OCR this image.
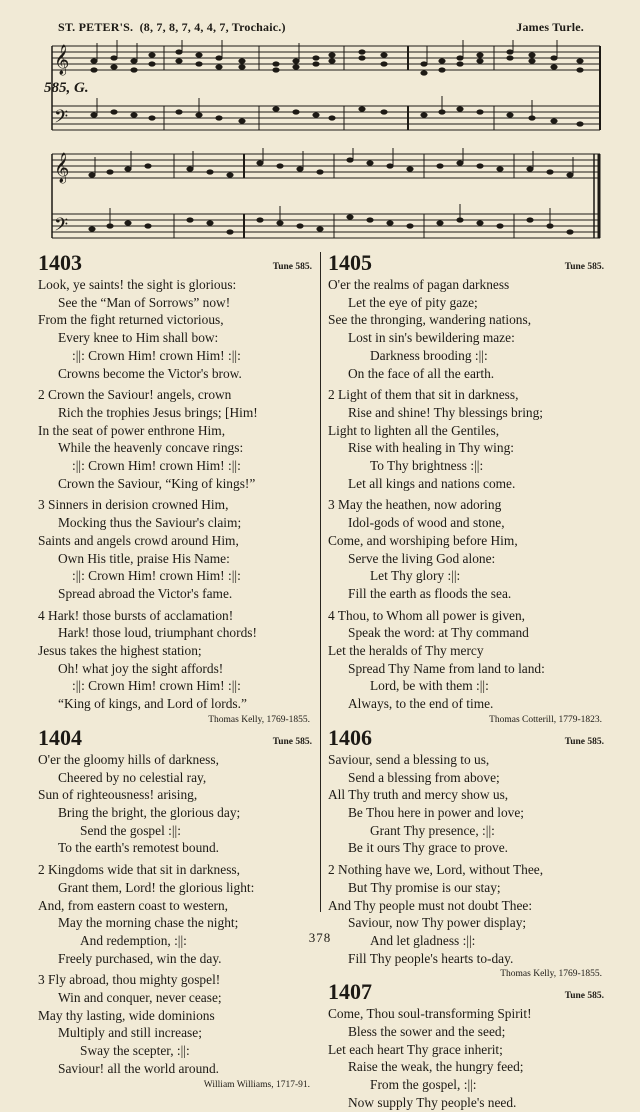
ST. PETER'S. (8, 7, 8, 7, 4, 4, 7, Trochaic.)	James Turle.
𝄞
𝄢
585, G.
𝄞
𝄢
1403	Tune 585.
Look, ye saints! the sight is glorious:
See the “Man of Sorrows” now!
From the fight returned victorious,
Every knee to Him shall bow:
:||: Crown Him! crown Him! :||:
Crowns become the Victor's brow.
2 Crown the Saviour! angels, crown
Rich the trophies Jesus brings; [Him!
In the seat of power enthrone Him,
While the heavenly concave rings:
:||: Crown Him! crown Him! :||:
Crown the Saviour, “King of kings!”
3 Sinners in derision crowned Him,
Mocking thus the Saviour's claim;
Saints and angels crowd around Him,
Own His title, praise His Name:
:||: Crown Him! crown Him! :||:
Spread abroad the Victor's fame.
4 Hark! those bursts of acclamation!
Hark! those loud, triumphant chords!
Jesus takes the highest station;
Oh! what joy the sight affords!
:||: Crown Him! crown Him! :||:
“King of kings, and Lord of lords.”
Thomas Kelly, 1769-1855.
1404	Tune 585.
O'er the gloomy hills of darkness,
Cheered by no celestial ray,
Sun of righteousness! arising,
Bring the bright, the glorious day;
Send the gospel :||:
To the earth's remotest bound.
2 Kingdoms wide that sit in darkness,
Grant them, Lord! the glorious light:
And, from eastern coast to western,
May the morning chase the night;
And redemption, :||:
Freely purchased, win the day.
3 Fly abroad, thou mighty gospel!
Win and conquer, never cease;
May thy lasting, wide dominions
Multiply and still increase;
Sway the scepter, :||:
Saviour! all the world around.
William Williams, 1717-91.
1405	Tune 585.
O'er the realms of pagan darkness
Let the eye of pity gaze;
See the thronging, wandering nations,
Lost in sin's bewildering maze:
Darkness brooding :||:
On the face of all the earth.
2 Light of them that sit in darkness,
Rise and shine! Thy blessings bring;
Light to lighten all the Gentiles,
Rise with healing in Thy wing:
To Thy brightness :||:
Let all kings and nations come.
3 May the heathen, now adoring
Idol-gods of wood and stone,
Come, and worshiping before Him,
Serve the living God alone:
Let Thy glory :||:
Fill the earth as floods the sea.
4 Thou, to Whom all power is given,
Speak the word: at Thy command
Let the heralds of Thy mercy
Spread Thy Name from land to land:
Lord, be with them :||:
Always, to the end of time.
Thomas Cotterill, 1779-1823.
1406	Tune 585.
Saviour, send a blessing to us,
Send a blessing from above;
All Thy truth and mercy show us,
Be Thou here in power and love;
Grant Thy presence, :||:
Be it ours Thy grace to prove.
2 Nothing have we, Lord, without Thee,
But Thy promise is our stay;
And Thy people must not doubt Thee:
Saviour, now Thy power display;
And let gladness :||:
Fill Thy people's hearts to-day.
Thomas Kelly, 1769-1855.
1407	Tune 585.
Come, Thou soul-transforming Spirit!
Bless the sower and the seed;
Let each heart Thy grace inherit;
Raise the weak, the hungry feed;
From the gospel, :||:
Now supply Thy people's need.
378
